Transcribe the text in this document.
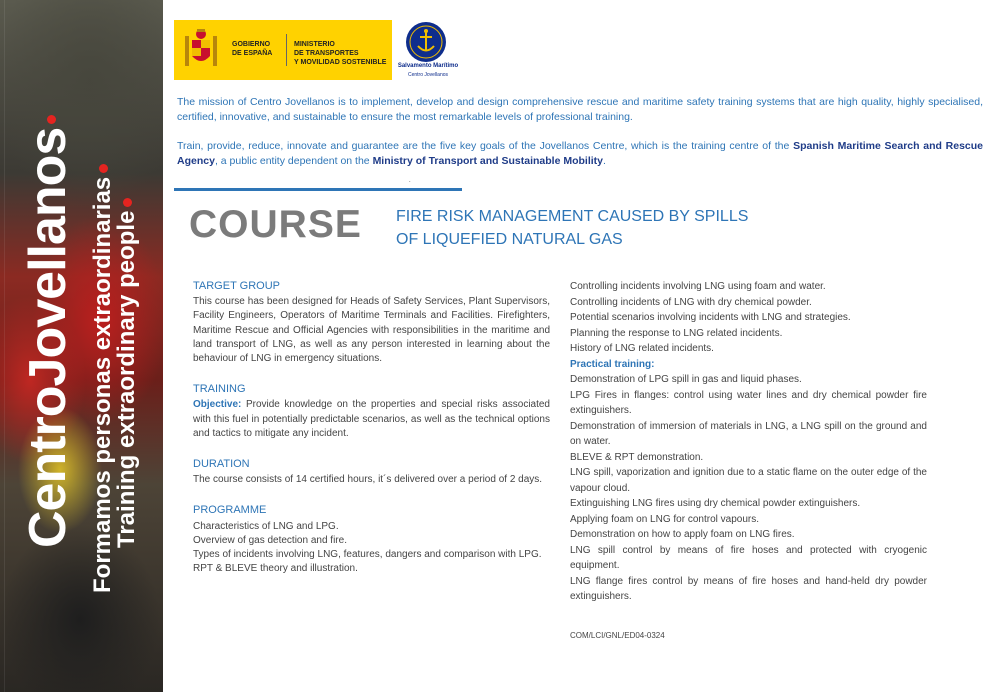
CentroJovellanos Formamos personas extraordinarias
Training extraordinary people
GOBIERNO
DE ESPAÑA
MINISTERIO
DE TRANSPORTES
Y MOVILIDAD SOSTENIBLE	Salvamento Marítimo
Centro Jovellanos

The mission of Centro Jovellanos is to implement, develop and design comprehensive rescue and maritime safety training systems that are high quality, highly specialised, certified, innovative, and sustainable to ensure the most remarkable levels of professional training.

Train, provide, reduce, innovate and guarantee are the five key goals of the Jovellanos Centre, which is the training centre of the Spanish Maritime Search and Rescue Agency, a public entity dependent on the Ministry of Transport and Sustainable Mobility.

.
COURSE FIRE RISK MANAGEMENT CAUSED BY SPILLS
OF LIQUEFIED NATURAL GAS
TARGET GROUP
This course has been designed for Heads of Safety Services, Plant Supervisors, Facility Engineers, Operators of Maritime Terminals and Facilities. Firefighters, Maritime Rescue and Official Agencies with responsibilities in the maritime and land transport of LNG, as well as any person interested in learning about the behaviour of LNG in emergency situations.
TRAINING
Objective: Provide knowledge on the properties and special risks associated with this fuel in potentially predictable scenarios, as well as the technical options and tactics to mitigate any incident.
DURATION
The course consists of 14 certified hours, it´s delivered over a period of 2 days.
PROGRAMME

Characteristics of LNG and LPG.

Overview of gas detection and fire.

Types of incidents involving LNG, features, dangers and comparison with LPG.

RPT & BLEVE theory and illustration.

Controlling incidents involving LNG using foam and water.

Controlling incidents of LNG with dry chemical powder.

Potential scenarios involving incidents with LNG and strategies.

Planning the response to LNG related incidents.

History of LNG related incidents.

Practical training:

Demonstration of LPG spill in gas and liquid phases.

LPG Fires in flanges: control using water lines and dry chemical powder fire extinguishers.

Demonstration of immersion of materials in LNG, a LNG spill on the ground and on water.

BLEVE & RPT demonstration.

LNG spill, vaporization and ignition due to a static flame on the outer edge of the vapour cloud.

Extinguishing LNG fires using dry chemical powder extinguishers.

Applying foam on LNG for control vapours.

Demonstration on how to apply foam on LNG fires.

LNG spill control by means of fire hoses and protected with cryogenic equipment.

LNG flange fires control by means of fire hoses and hand-held dry powder extinguishers.

COM/LCI/GNL/ED04-0324
